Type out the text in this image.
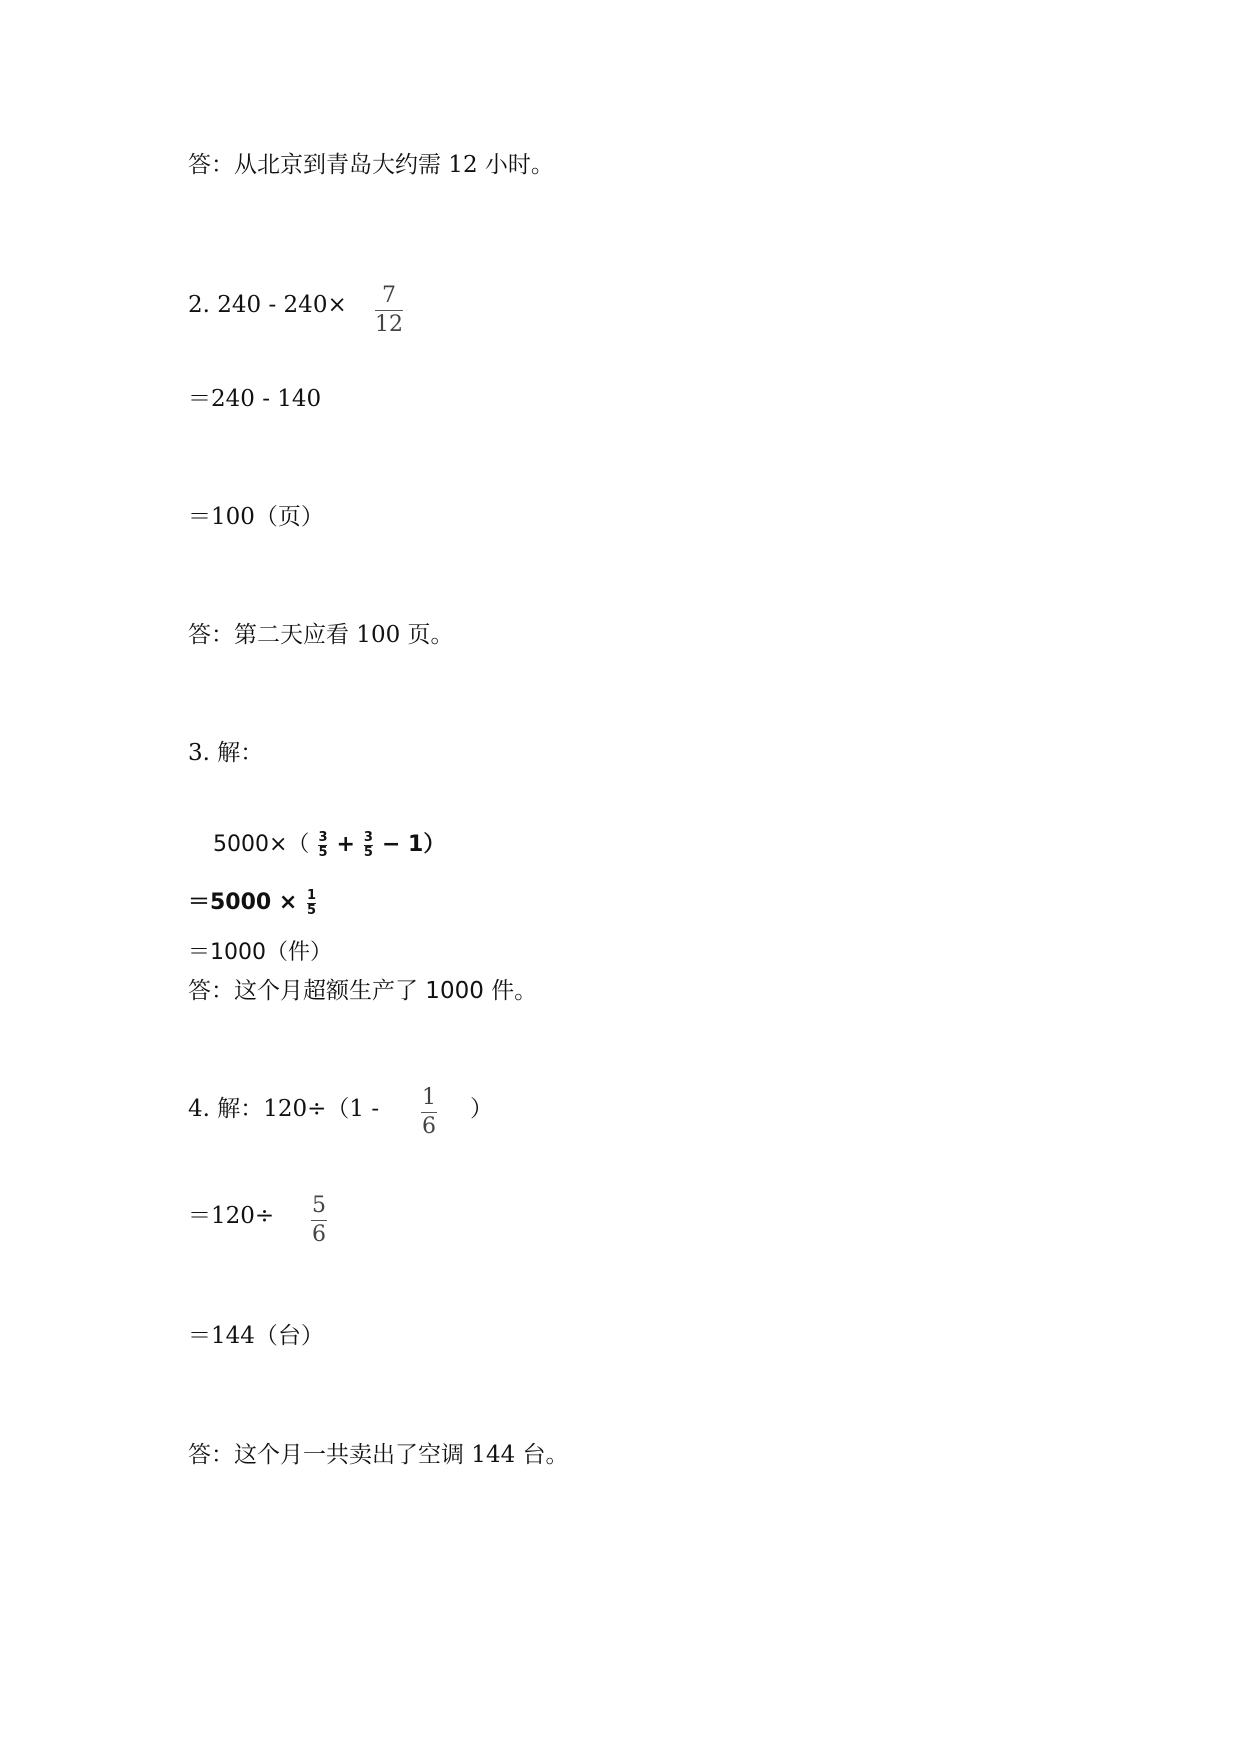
答：从北京到青岛大约需 12 小时。
2. 240 - 240× 7
12
＝240 - 140
＝100（页）
答：第二天应看 100 页。
3. 解：
$5000\times( \frac{3}{5} + \frac{3}{5} - 1)$
$=5000 \times \frac{1}{5}$
＝1000（件）
答：这个月超额生产了 1000 件。
4. 解：120÷（1 - 1
6
）
＝120÷ 5
6
＝144（台）
答：这个月一共卖出了空调 144 台。
